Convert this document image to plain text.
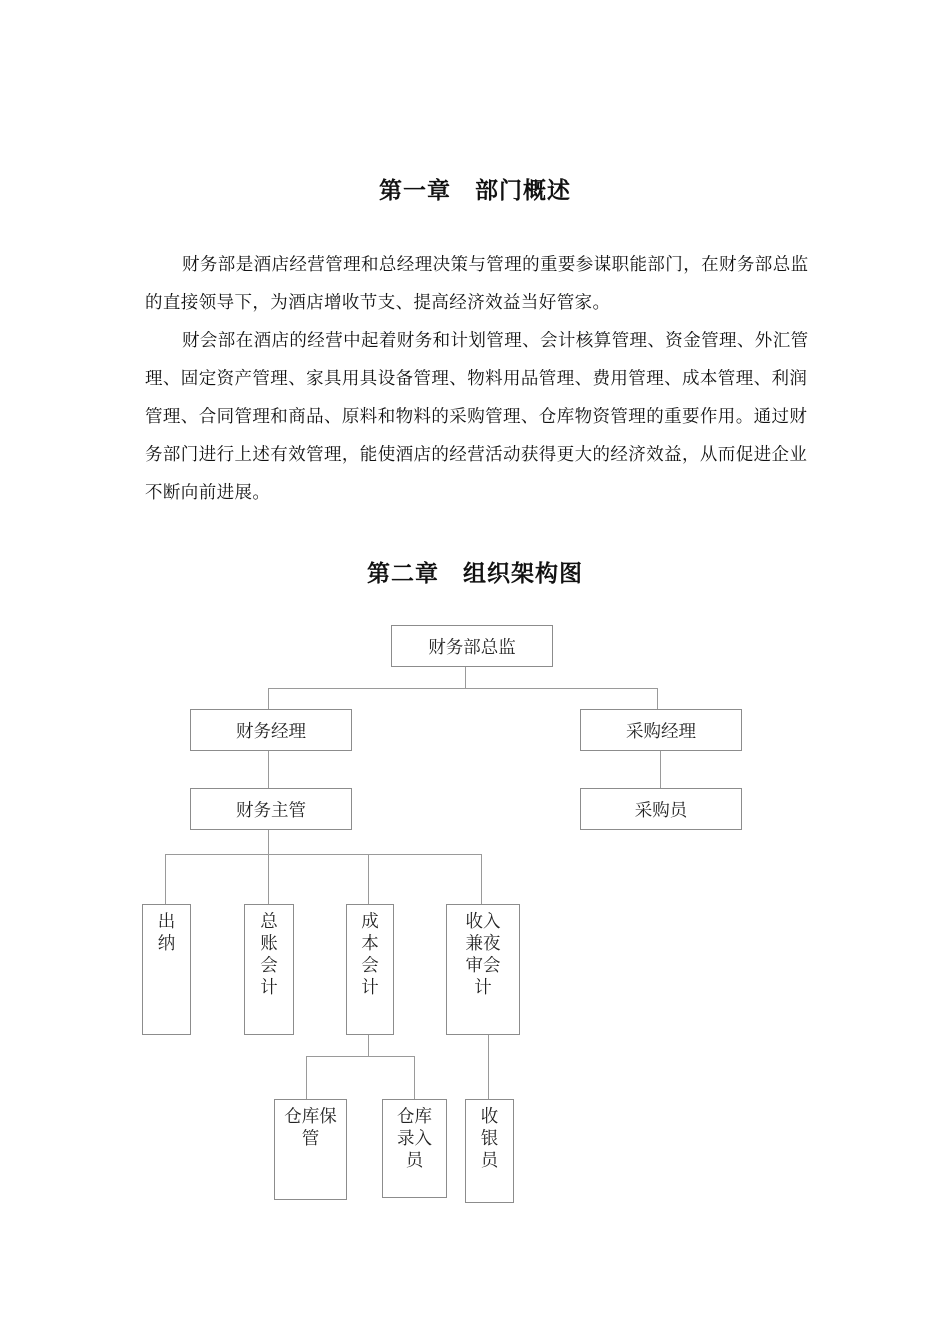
第一章　部门概述

财务部是酒店经营管理和总经理决策与管理的重要参谋职能部门，在财务部总监的直接领导下，为酒店增收节支、提高经济效益当好管家。

财会部在酒店的经营中起着财务和计划管理、会计核算管理、资金管理、外汇管理、固定资产管理、家具用具设备管理、物料用品管理、费用管理、成本管理、利润管理、合同管理和商品、原料和物料的采购管理、仓库物资管理的重要作用。通过财务部门进行上述有效管理，能使酒店的经营活动获得更大的经济效益，从而促进企业不断向前进展。

第二章　组织架构图
财务部总监
财务经理	采购经理
财务主管	采购员
出
纳
总
账
会
计
成
本
会
计
收入
兼夜
审会
计
仓库保
管
仓库
录入
员
收
银
员
